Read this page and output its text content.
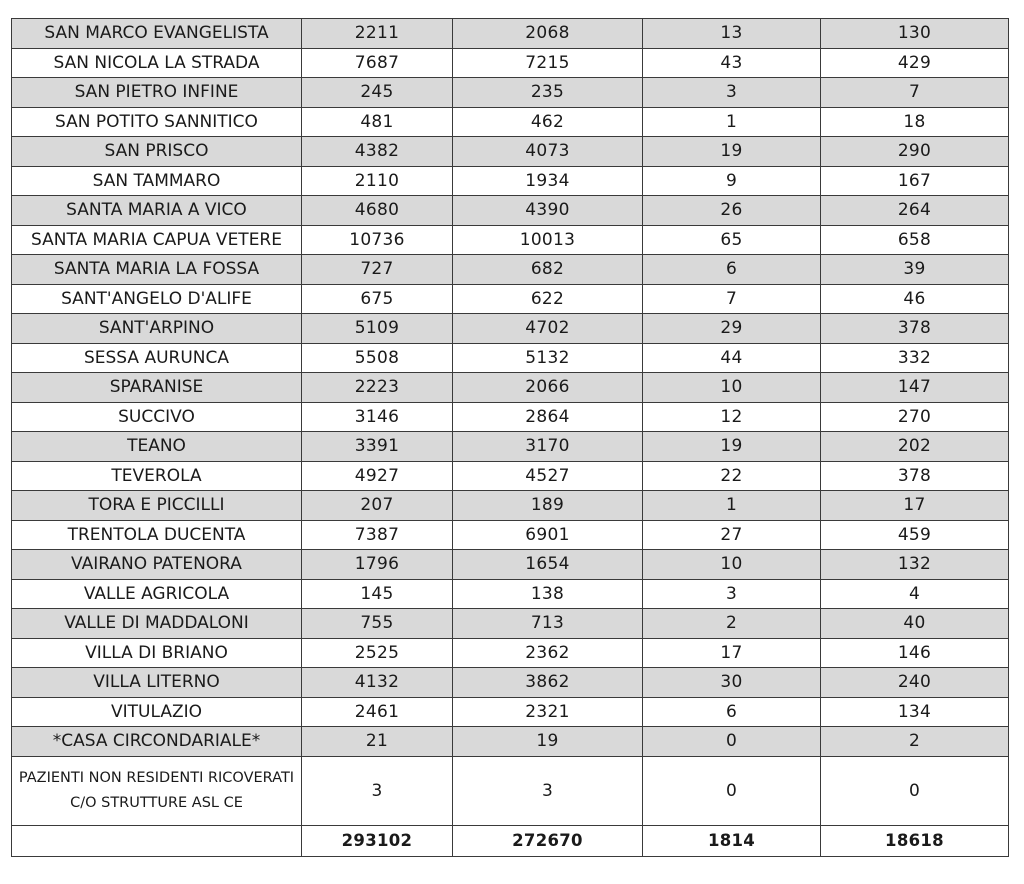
SAN MARCO EVANGELISTA	2211	2068	13	130
SAN NICOLA LA STRADA	7687	7215	43	429
SAN PIETRO INFINE	245	235	3	7
SAN POTITO SANNITICO	481	462	1	18
SAN PRISCO	4382	4073	19	290
SAN TAMMARO	2110	1934	9	167
SANTA MARIA A VICO	4680	4390	26	264
SANTA MARIA CAPUA VETERE	10736	10013	65	658
SANTA MARIA LA FOSSA	727	682	6	39
SANT'ANGELO D'ALIFE	675	622	7	46
SANT'ARPINO	5109	4702	29	378
SESSA AURUNCA	5508	5132	44	332
SPARANISE	2223	2066	10	147
SUCCIVO	3146	2864	12	270
TEANO	3391	3170	19	202
TEVEROLA	4927	4527	22	378
TORA E PICCILLI	207	189	1	17
TRENTOLA DUCENTA	7387	6901	27	459
VAIRANO PATENORA	1796	1654	10	132
VALLE AGRICOLA	145	138	3	4
VALLE DI MADDALONI	755	713	2	40
VILLA DI BRIANO	2525	2362	17	146
VILLA LITERNO	4132	3862	30	240
VITULAZIO	2461	2321	6	134
*CASA CIRCONDARIALE*	21	19	0	2
PAZIENTI NON RESIDENTI RICOVERATI C/O STRUTTURE ASL CE	3	3	0	0
	293102	272670	1814	18618
